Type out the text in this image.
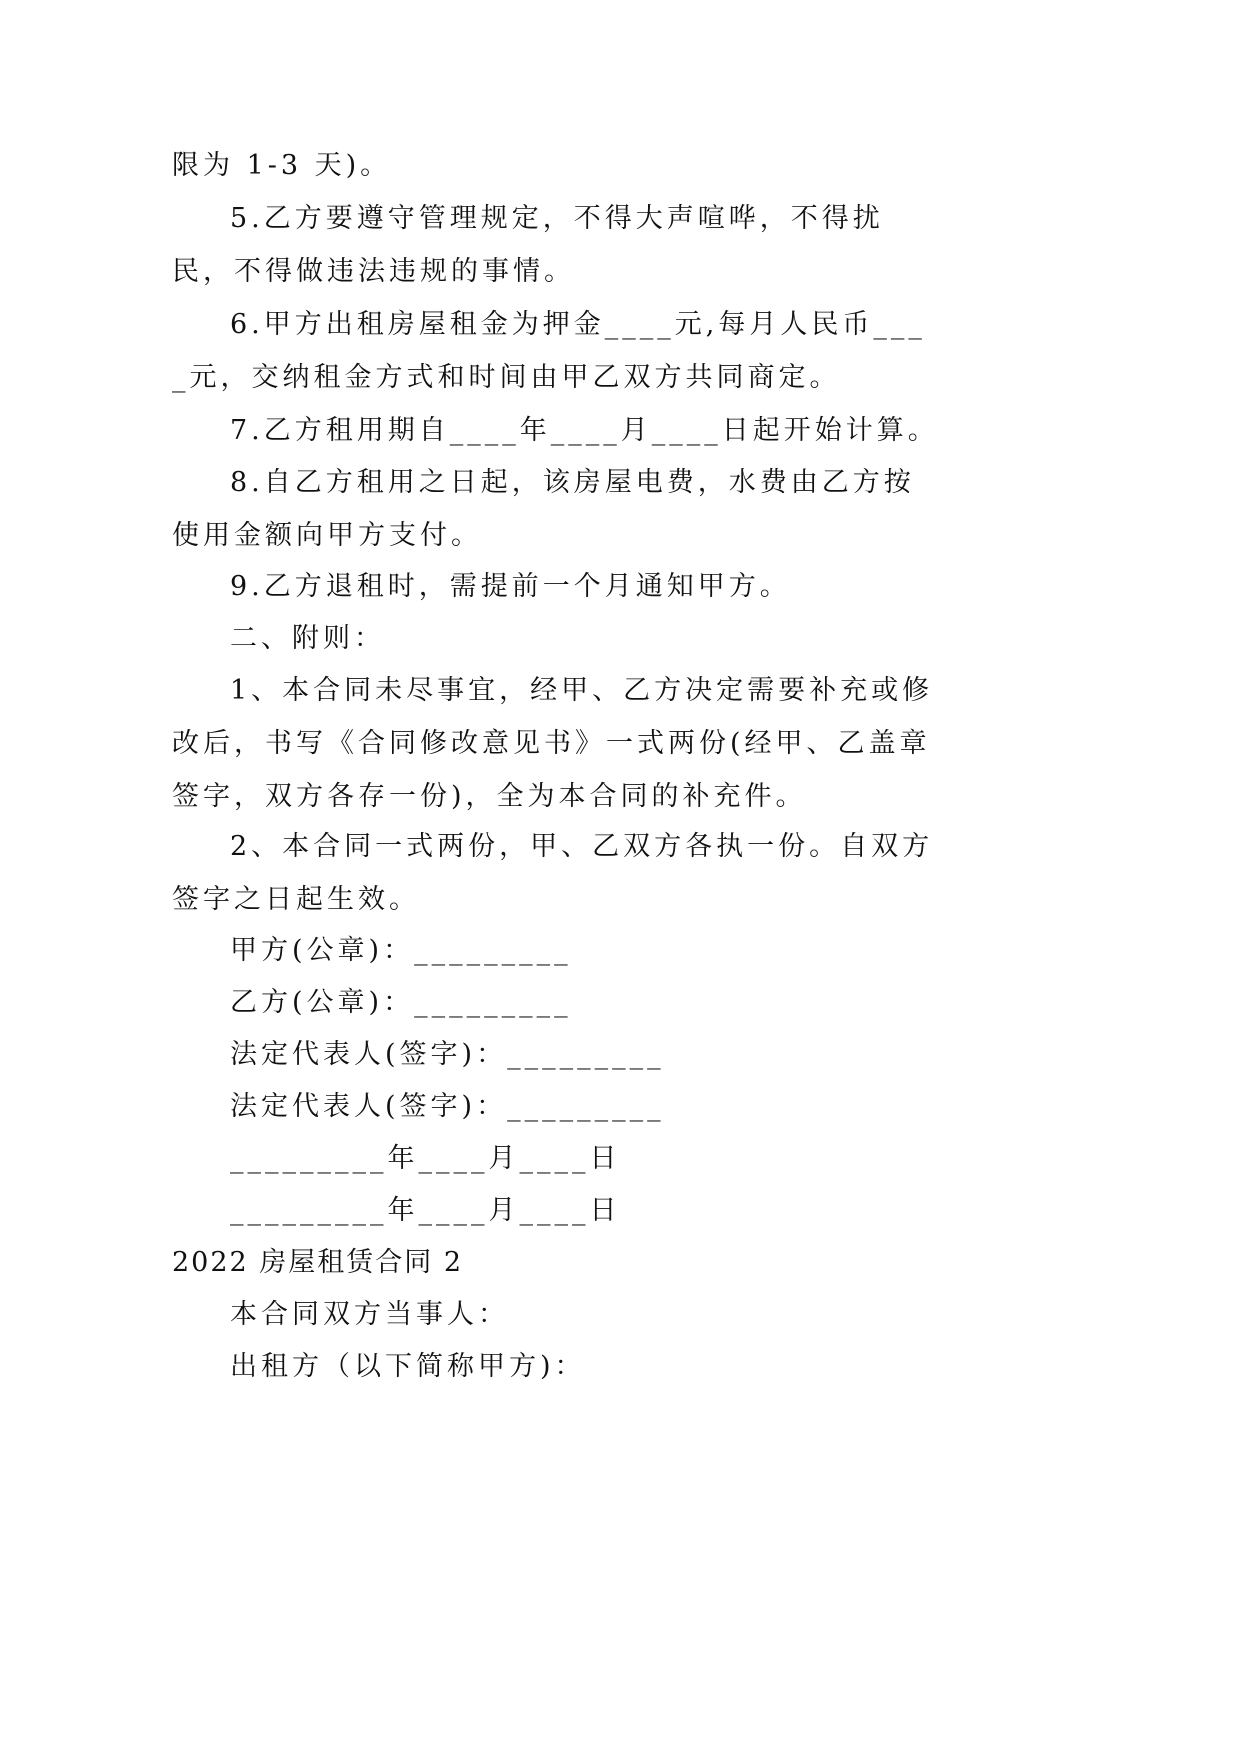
限为 1-3 天)。

5.乙方要遵守管理规定，不得大声喧哗，不得扰民，不得做违法违规的事情。

6.甲方出租房屋租金为押金____元,每月人民币____元，交纳租金方式和时间由甲乙双方共同商定。

7.乙方租用期自____年____月____日起开始计算。

8.自乙方租用之日起，该房屋电费，水费由乙方按使用金额向甲方支付。

9.乙方退租时，需提前一个月通知甲方。

二、附则：

1、本合同未尽事宜，经甲、乙方决定需要补充或修改后，书写《合同修改意见书》一式两份(经甲、乙盖章签字，双方各存一份)，全为本合同的补充件。

2、本合同一式两份，甲、乙双方各执一份。自双方签字之日起生效。

甲方(公章)：_________

乙方(公章)：_________

法定代表人(签字)：_________

法定代表人(签字)：_________

_________年____月____日

_________年____月____日

2022 房屋租赁合同 2

本合同双方当事人：

出租方（以下简称甲方)：
